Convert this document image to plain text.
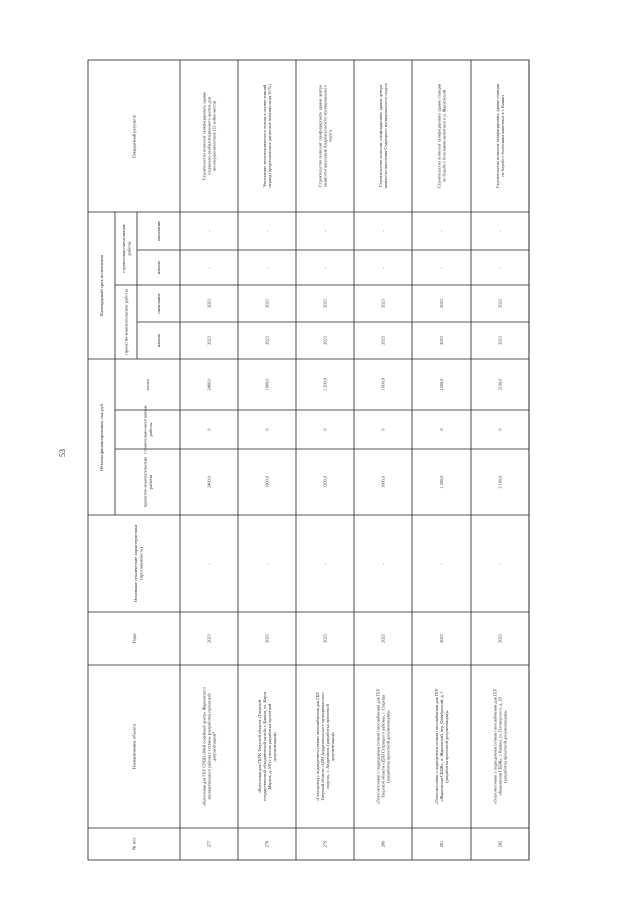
53
№ п/п
Наименование объекта
Годы
Основные технические характеристики (протяженность)
Объемы финансирования, тыс.руб.
проектно-изыскательские работы
строительно-монтажные работы
итого
Календарный срок исполнения
проектно-изыскательские работы
строительно-монтажные работы
начало
окончание
начало
окончание
Ожидаемый результат
277
«Котельная для ГБУ СРЦН «Мой семейный центр» Жарковского муниципального района с сетями» (разработка проектной документации)*
2023
-
2400,0
0
2400,0
2023
2023
-
-
Строительство позволит газифицировать здание социально-реабилитационного центра для несовершеннолетних (33 койко-места)
278
«Котельная для ГБУК Тверской области «Тверской государственный объединенный музей» г. Кашин, ул. Карла Маркса, д. 5/8 (с учетом разработки проектной документации)»
2023
-
1900,0
0
1900,0
2023
2023
-
-
Увеличение теплотехнического потока в осенне-зимний период (предполагаемые расчетные показатели на 30 %)
279
«Газопровод с подведением сетями газоснабжения для ГБУ Тверской области «ЦЗН Андреапольского муниципального округа», г. Андреаполь (разработка проектной документации)»
2023
-
1200,0
0
1 200,0
2023
2023
-
-
Строительство позволит газифицировать здание центра занятости населения Андреапольского муниципального округа
280
«Теплоисточник с подведением сетями газоснабжения для ГБУ Тверской области «ЦЗН Старицкого района», г. Старица (разработка проектной документации)»
2023
-
1000,0
0
1 000,0
2023
2023
-
-
Строительство позволит газифицировать здание центра занятости населения Старицкого муниципального округа
281
«Теплоисточник с подведением сетями газоснабжения для ГБУ «Жарковская СББЖ», п. Жарковский, пер. Октябрьский, д. 1 (разработка проектной документации)»
2023
-
1 500,0
0
1500,0
2023
2023
-
-
Строительство позволит газифицировать здание станции по борьбе с болезнями животных в п. Жарковский
282
«Теплоисточник с подведением сетями газоснабжения для ГБУ «Кашинская СББЖ», г. Кашин, ул. Пломерского, д. 20 (разработка проектной документации)»
2023
-
2 100,0
0
2100,0
2023
2023
-
-
Строительство позволит газифицировать здание станции по борьбе с болезнями животных в г. Кашин
